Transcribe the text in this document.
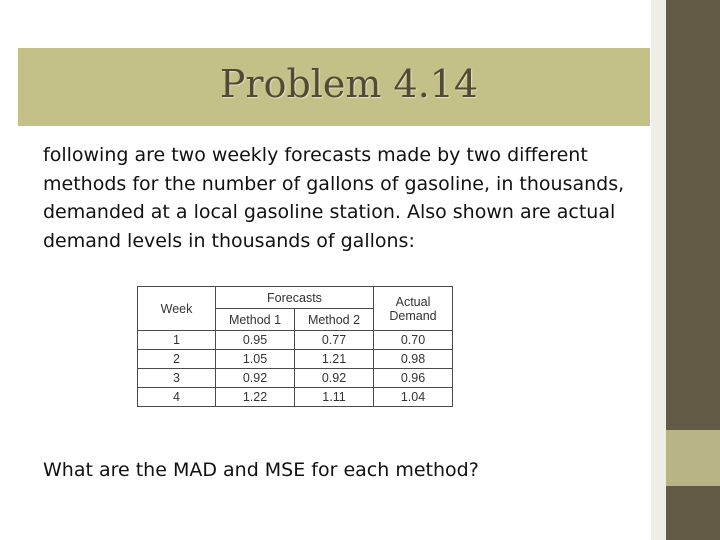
Problem 4.14

following are two weekly forecasts made by two different methods for the number of gallons of gasoline, in thousands, demanded at a local gasoline station. Also shown are actual demand levels in thousands of gallons:

Week	Forecasts		Actual
Demand
	Method 1	Method 2	
1	0.95	0.77	0.70
2	1.05	1.21	0.98
3	0.92	0.92	0.96
4	1.22	1.11	1.04

What are the MAD and MSE for each method?
